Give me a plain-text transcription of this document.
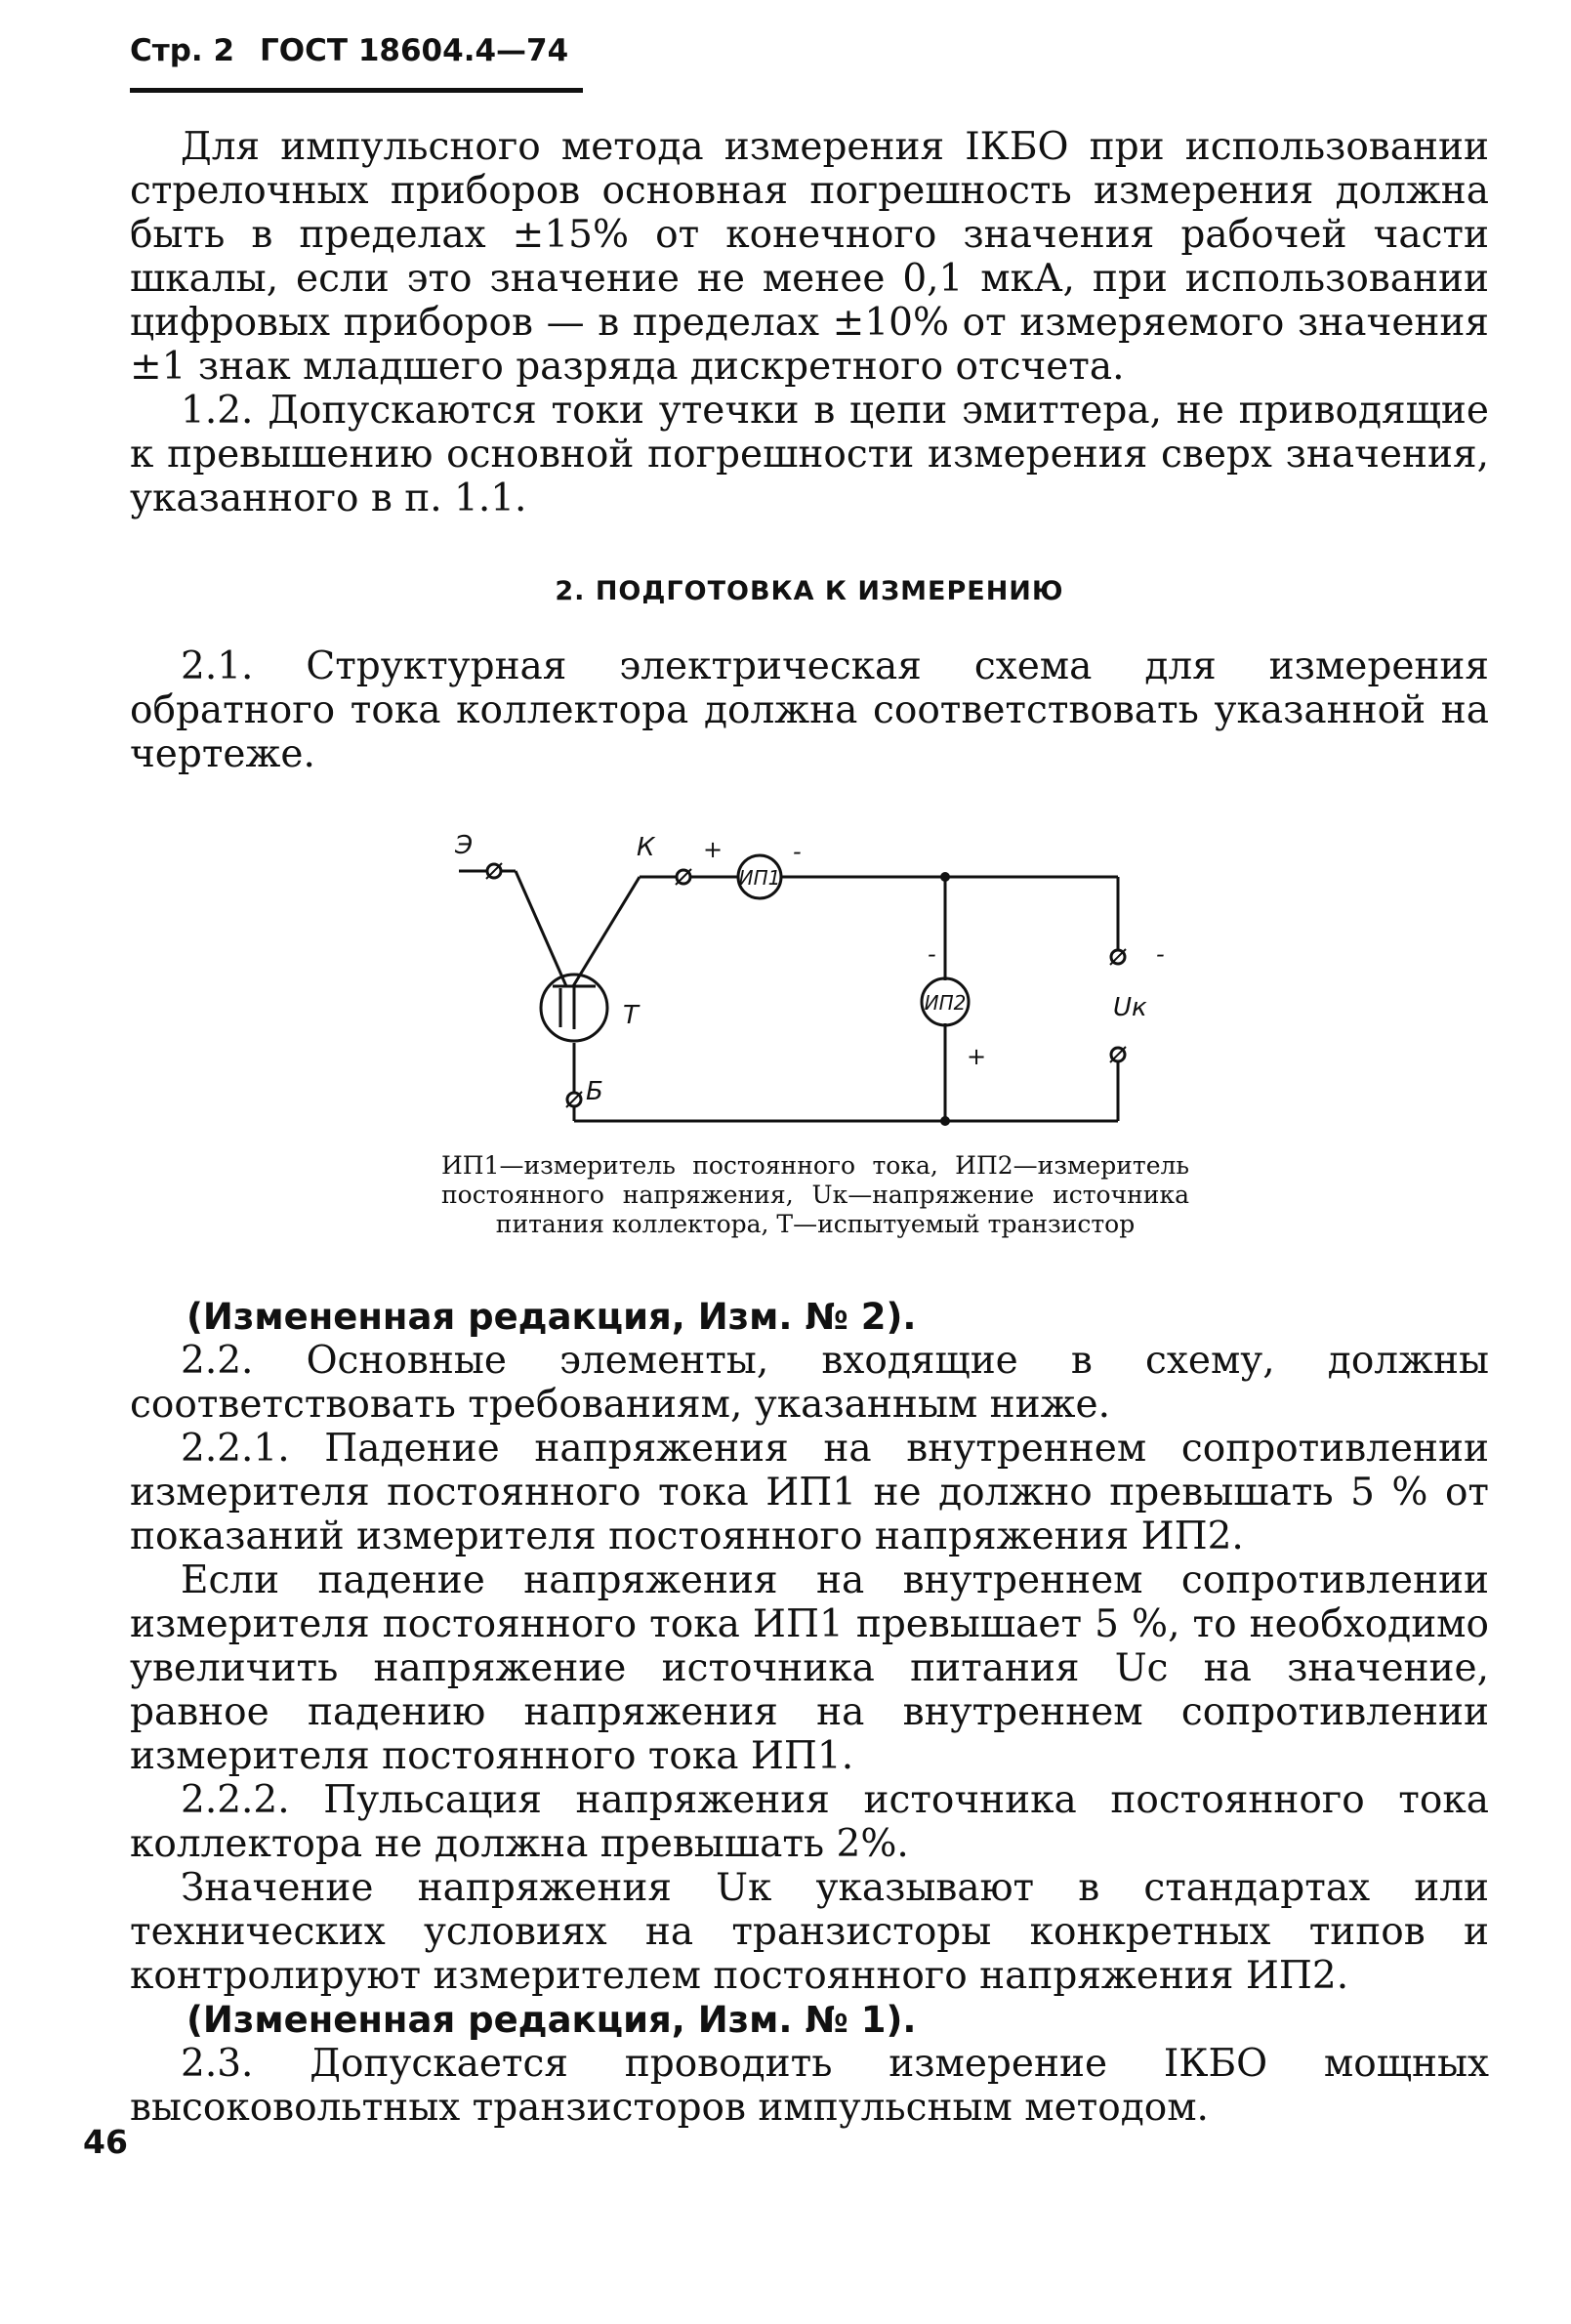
Стр. 2 ГОСТ 18604.4—74

Для импульсного метода измерения IКБО при использовании стрелочных приборов основная погрешность измерения должна быть в пределах ±15% от конечного значения рабочей части шкалы, если это значение не менее 0,1 мкА, при использовании цифровых приборов — в пределах ±10% от измеряемого значения ±1 знак младшего разряда дискретного отсчета.

1.2. Допускаются токи утечки в цепи эмиттера, не приводящие к превышению основной погрешности измерения сверх значения, указанного в п. 1.1.

2. ПОДГОТОВКА К ИЗМЕРЕНИЮ

2.1. Структурная электрическая схема для измерения обратного тока коллектора должна соответствовать указанной на чертеже.

Э	К +
ИП1
-
ИП2
-
+
-
Uк
Т
Б
ИП1—измеритель постоянного тока, ИП2—измеритель постоянного напряжения, Uк—напряжение источника питания коллектора, Т—испытуемый транзистор

(Измененная редакция, Изм. № 2).

2.2. Основные элементы, входящие в схему, должны соответствовать требованиям, указанным ниже.

2.2.1. Падение напряжения на внутреннем сопротивлении измерителя постоянного тока ИП1 не должно превышать 5 % от показаний измерителя постоянного напряжения ИП2.

Если падение напряжения на внутреннем сопротивлении измерителя постоянного тока ИП1 превышает 5 %, то необходимо увеличить напряжение источника питания Uс на значение, равное падению напряжения на внутреннем сопротивлении измерителя постоянного тока ИП1.

2.2.2. Пульсация напряжения источника постоянного тока коллектора не должна превышать 2%.

Значение напряжения Uк указывают в стандартах или технических условиях на транзисторы конкретных типов и контролируют измерителем постоянного напряжения ИП2.

(Измененная редакция, Изм. № 1).

2.3. Допускается проводить измерение IКБО мощных высоковольтных транзисторов импульсным методом.

46
